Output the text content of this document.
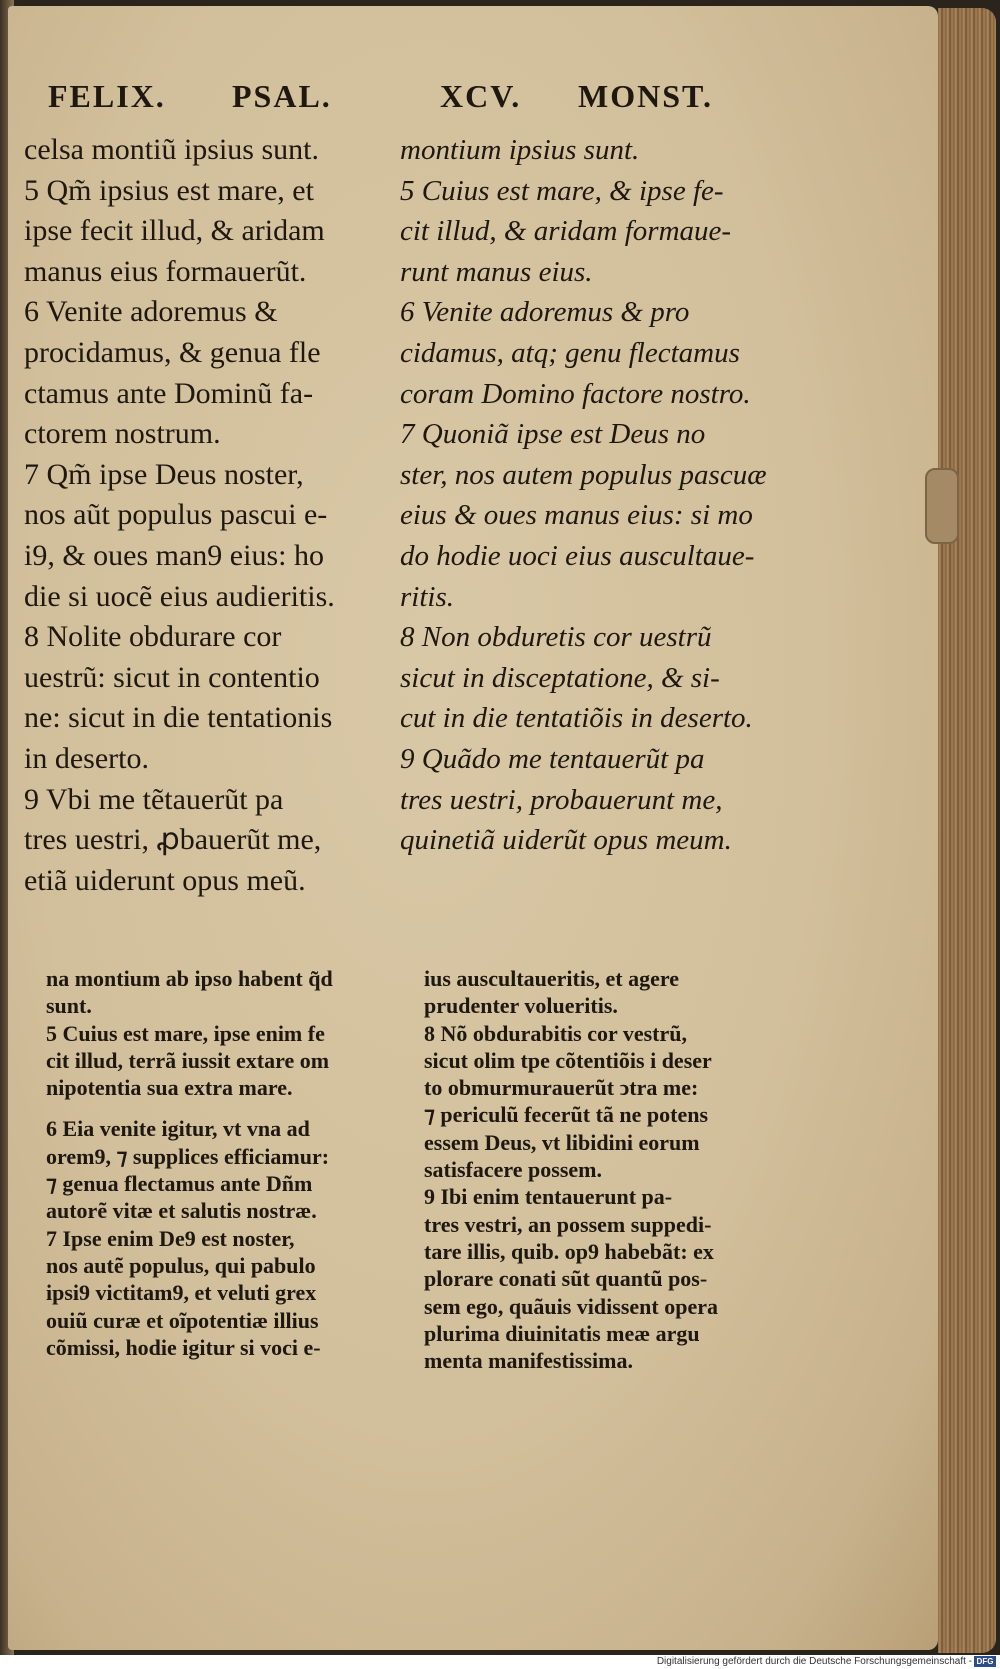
FELIX. PSAL.	XCV. MONST.
celsa montiũ ipsius sunt.
5 Qm̃ ipsius est mare, et
ipse fecit illud, & aridam
manus eius formauerũt.
6 Venite adoremus &
procidamus, & genua fle
ctamus ante Dominũ fa-
ctorem nostrum.
7 Qm̃ ipse Deus noster,
nos aũt populus pascui e-
i9, & oues man9 eius: ho
die si uocẽ eius audieritis.
8 Nolite obdurare cor
uestrũ: sicut in contentio
ne: sicut in die tentationis
in deserto.
9 Vbi me tẽtauerũt pa
tres uestri, ꝓbauerũt me,
etiã uiderunt opus meũ.
montium ipsius sunt.
5 Cuius est mare, & ipse fe-
cit illud, & aridam formaue-
runt manus eius.
6 Venite adoremus & pro
cidamus, atq; genu flectamus
coram Domino factore nostro.
7 Quoniã ipse est Deus no
ster, nos autem populus pascuæ
eius & oues manus eius: si mo
do hodie uoci eius auscultaue-
ritis.
8 Non obduretis cor uestrũ
sicut in disceptatione, & si-
cut in die tentatiõis in deserto.
9 Quãdo me tentauerũt pa
tres uestri, probauerunt me,
quinetiã uiderũt opus meum.
na montium ab ipso habent q̃d
sunt.
5 Cuius est mare, ipse enim fe
cit illud, terrã iussit extare om
nipotentia sua extra mare.
6 Eia venite igitur, vt vna ad
orem9, ⁊ supplices efficiamur:
⁊ genua flectamus ante Dñm
autorẽ vitæ et salutis nostræ.
7 Ipse enim De9 est noster,
nos autẽ populus, qui pabulo
ipsi9 victitam9, et veluti grex
ouiũ curæ et oĩpotentiæ illius
cõmissi, hodie igitur si voci e-
ius auscultaueritis, et agere
prudenter volueritis.
8 Nõ obdurabitis cor vestrũ,
sicut olim tpe cõtentiõis i deser
to obmurmurauerũt ↄtra me:
⁊ periculũ fecerũt tã ne potens
essem Deus, vt libidini eorum
satisfacere possem.
9 Ibi enim tentauerunt pa-
tres vestri, an possem suppedi-
tare illis, quib. op9 habebãt: ex
plorare conati sũt quantũ pos-
sem ego, quãuis vidissent opera
plurima diuinitatis meæ argu
menta manifestissima.
Digitalisierung gefördert durch die Deutsche Forschungsgemeinschaft - DFG
